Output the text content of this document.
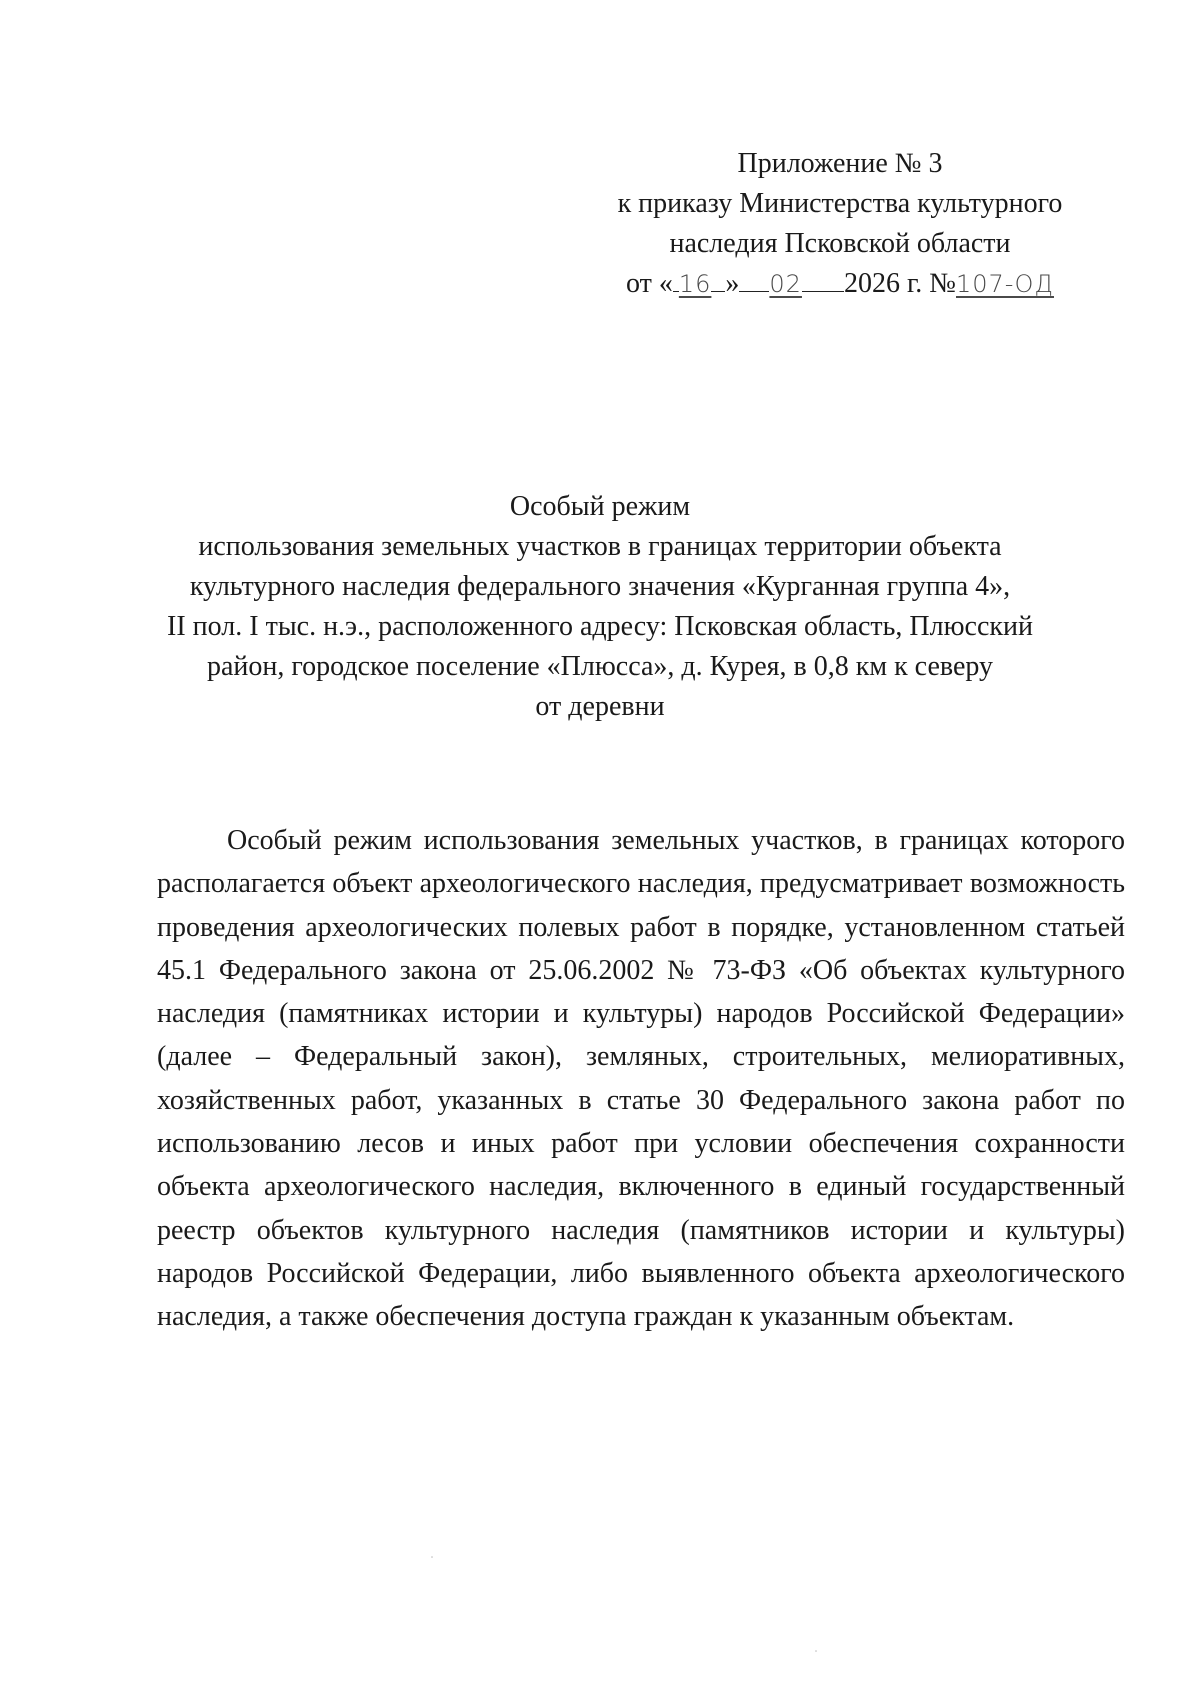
Приложение № 3
к приказу Министерства культурного
наследия Псковской области
от « 16 » 02 2026 г. №107-ОД
Особый режим
использования земельных участков в границах территории объекта
культурного наследия федерального значения «Курганная группа 4»,
II пол. I тыс. н.э., расположенного адресу: Псковская область, Плюсский
район, городское поселение «Плюсса», д. Курея, в 0,8 км к северу
от деревни

Особый режим использования земельных участков, в границах которого располагается объект археологического наследия, предусматривает возможность проведения археологических полевых работ в порядке, установленном статьей 45.1 Федерального закона от 25.06.2002 № 73-ФЗ «Об объектах культурного наследия (памятниках истории и культуры) народов Российской Федерации» (далее – Федеральный закон), земляных, строительных, мелиоративных, хозяйственных работ, указанных в статье 30 Федерального закона работ по использованию лесов и иных работ при условии обеспечения сохранности объекта археологического наследия, включенного в единый государственный реестр объектов культурного наследия (памятников истории и культуры) народов Российской Федерации, либо выявленного объекта археологического наследия, а также обеспечения доступа граждан к указанным объектам.
